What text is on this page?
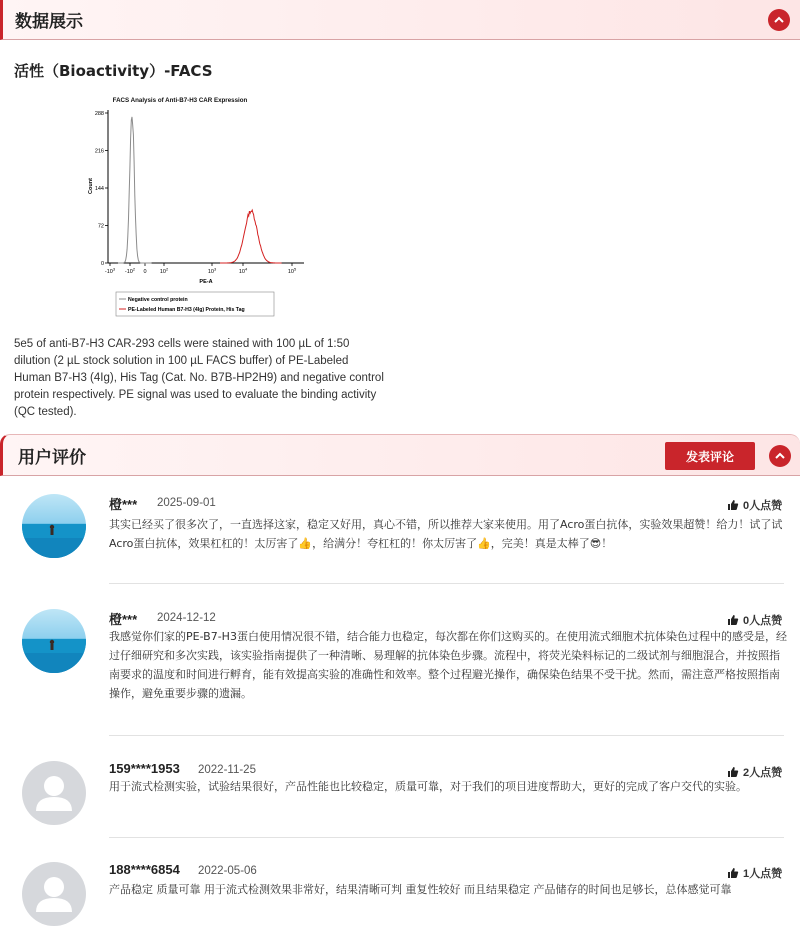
数据展示
活性（Bioactivity）-FACS
FACS Analysis of Anti-B7-H3 CAR Expression
0
72
144
216
288
$-10^3$ $-10^2$ 0 $10^2$	$10^3$	$10^4$	$10^5$
Count
PE-A
Negative control protein
PE-Labeled Human B7-H3 (4Ig) Protein, His Tag
5e5 of anti-B7-H3 CAR-293 cells were stained with 100 µL of 1:50 dilution (2 µL stock solution in 100 µL FACS buffer) of PE-Labeled Human B7-H3 (4Ig), His Tag (Cat. No. B7B-HP2H9) and negative control protein respectively. PE signal was used to evaluate the binding activity (QC tested).
用户评价	发表评论
橙*** 2025-09-01	0人点赞
其实已经买了很多次了，一直选择这家，稳定又好用，真心不错，所以推荐大家来使用。用了Acro蛋白抗体，实验效果超赞！给力！试了试Acro蛋白抗体，效果杠杠的！太厉害了👍，给满分！夸杠杠的！你太厉害了👍，完美！真是太棒了😎！
橙*** 2024-12-12	0人点赞
我感觉你们家的PE-B7-H3蛋白使用情况很不错，结合能力也稳定，每次都在你们这购买的。在使用流式细胞术抗体染色过程中的感受是，经过仔细研究和多次实践，该实验指南提供了一种清晰、易理解的抗体染色步骤。流程中，将荧光染料标记的二级试剂与细胞混合，并按照指南要求的温度和时间进行孵育，能有效提高实验的准确性和效率。整个过程避光操作，确保染色结果不受干扰。然而，需注意严格按照指南操作，避免重要步骤的遗漏。
159****1953 2022-11-25	2人点赞
用于流式检测实验，试验结果很好，产品性能也比较稳定，质量可靠，对于我们的项目进度帮助大，更好的完成了客户交代的实验。
188****6854 2022-05-06	1人点赞
产品稳定 质量可靠 用于流式检测效果非常好，结果清晰可判 重复性较好 而且结果稳定 产品储存的时间也足够长，总体感觉可靠
